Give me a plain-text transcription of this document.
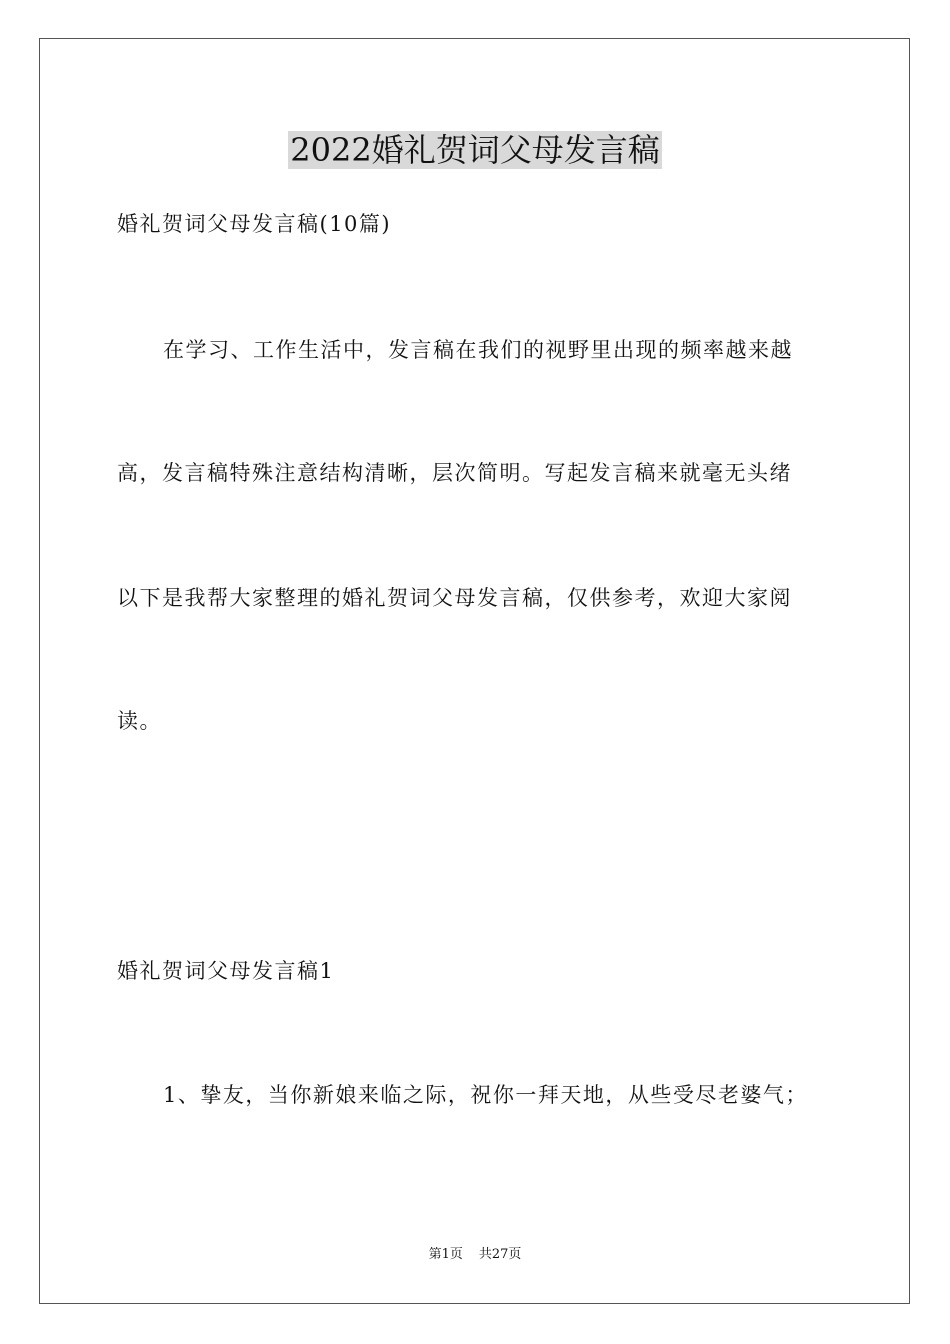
2022婚礼贺词父母发言稿
婚礼贺词父母发言稿(10篇)
在学习、工作生活中，发言稿在我们的视野里出现的频率越来越
高，发言稿特殊注意结构清晰，层次简明。写起发言稿来就毫无头绪
以下是我帮大家整理的婚礼贺词父母发言稿，仅供参考，欢迎大家阅
读。
婚礼贺词父母发言稿1
1、挚友，当你新娘来临之际，祝你一拜天地，从些受尽老婆气；
第1页 共27页
